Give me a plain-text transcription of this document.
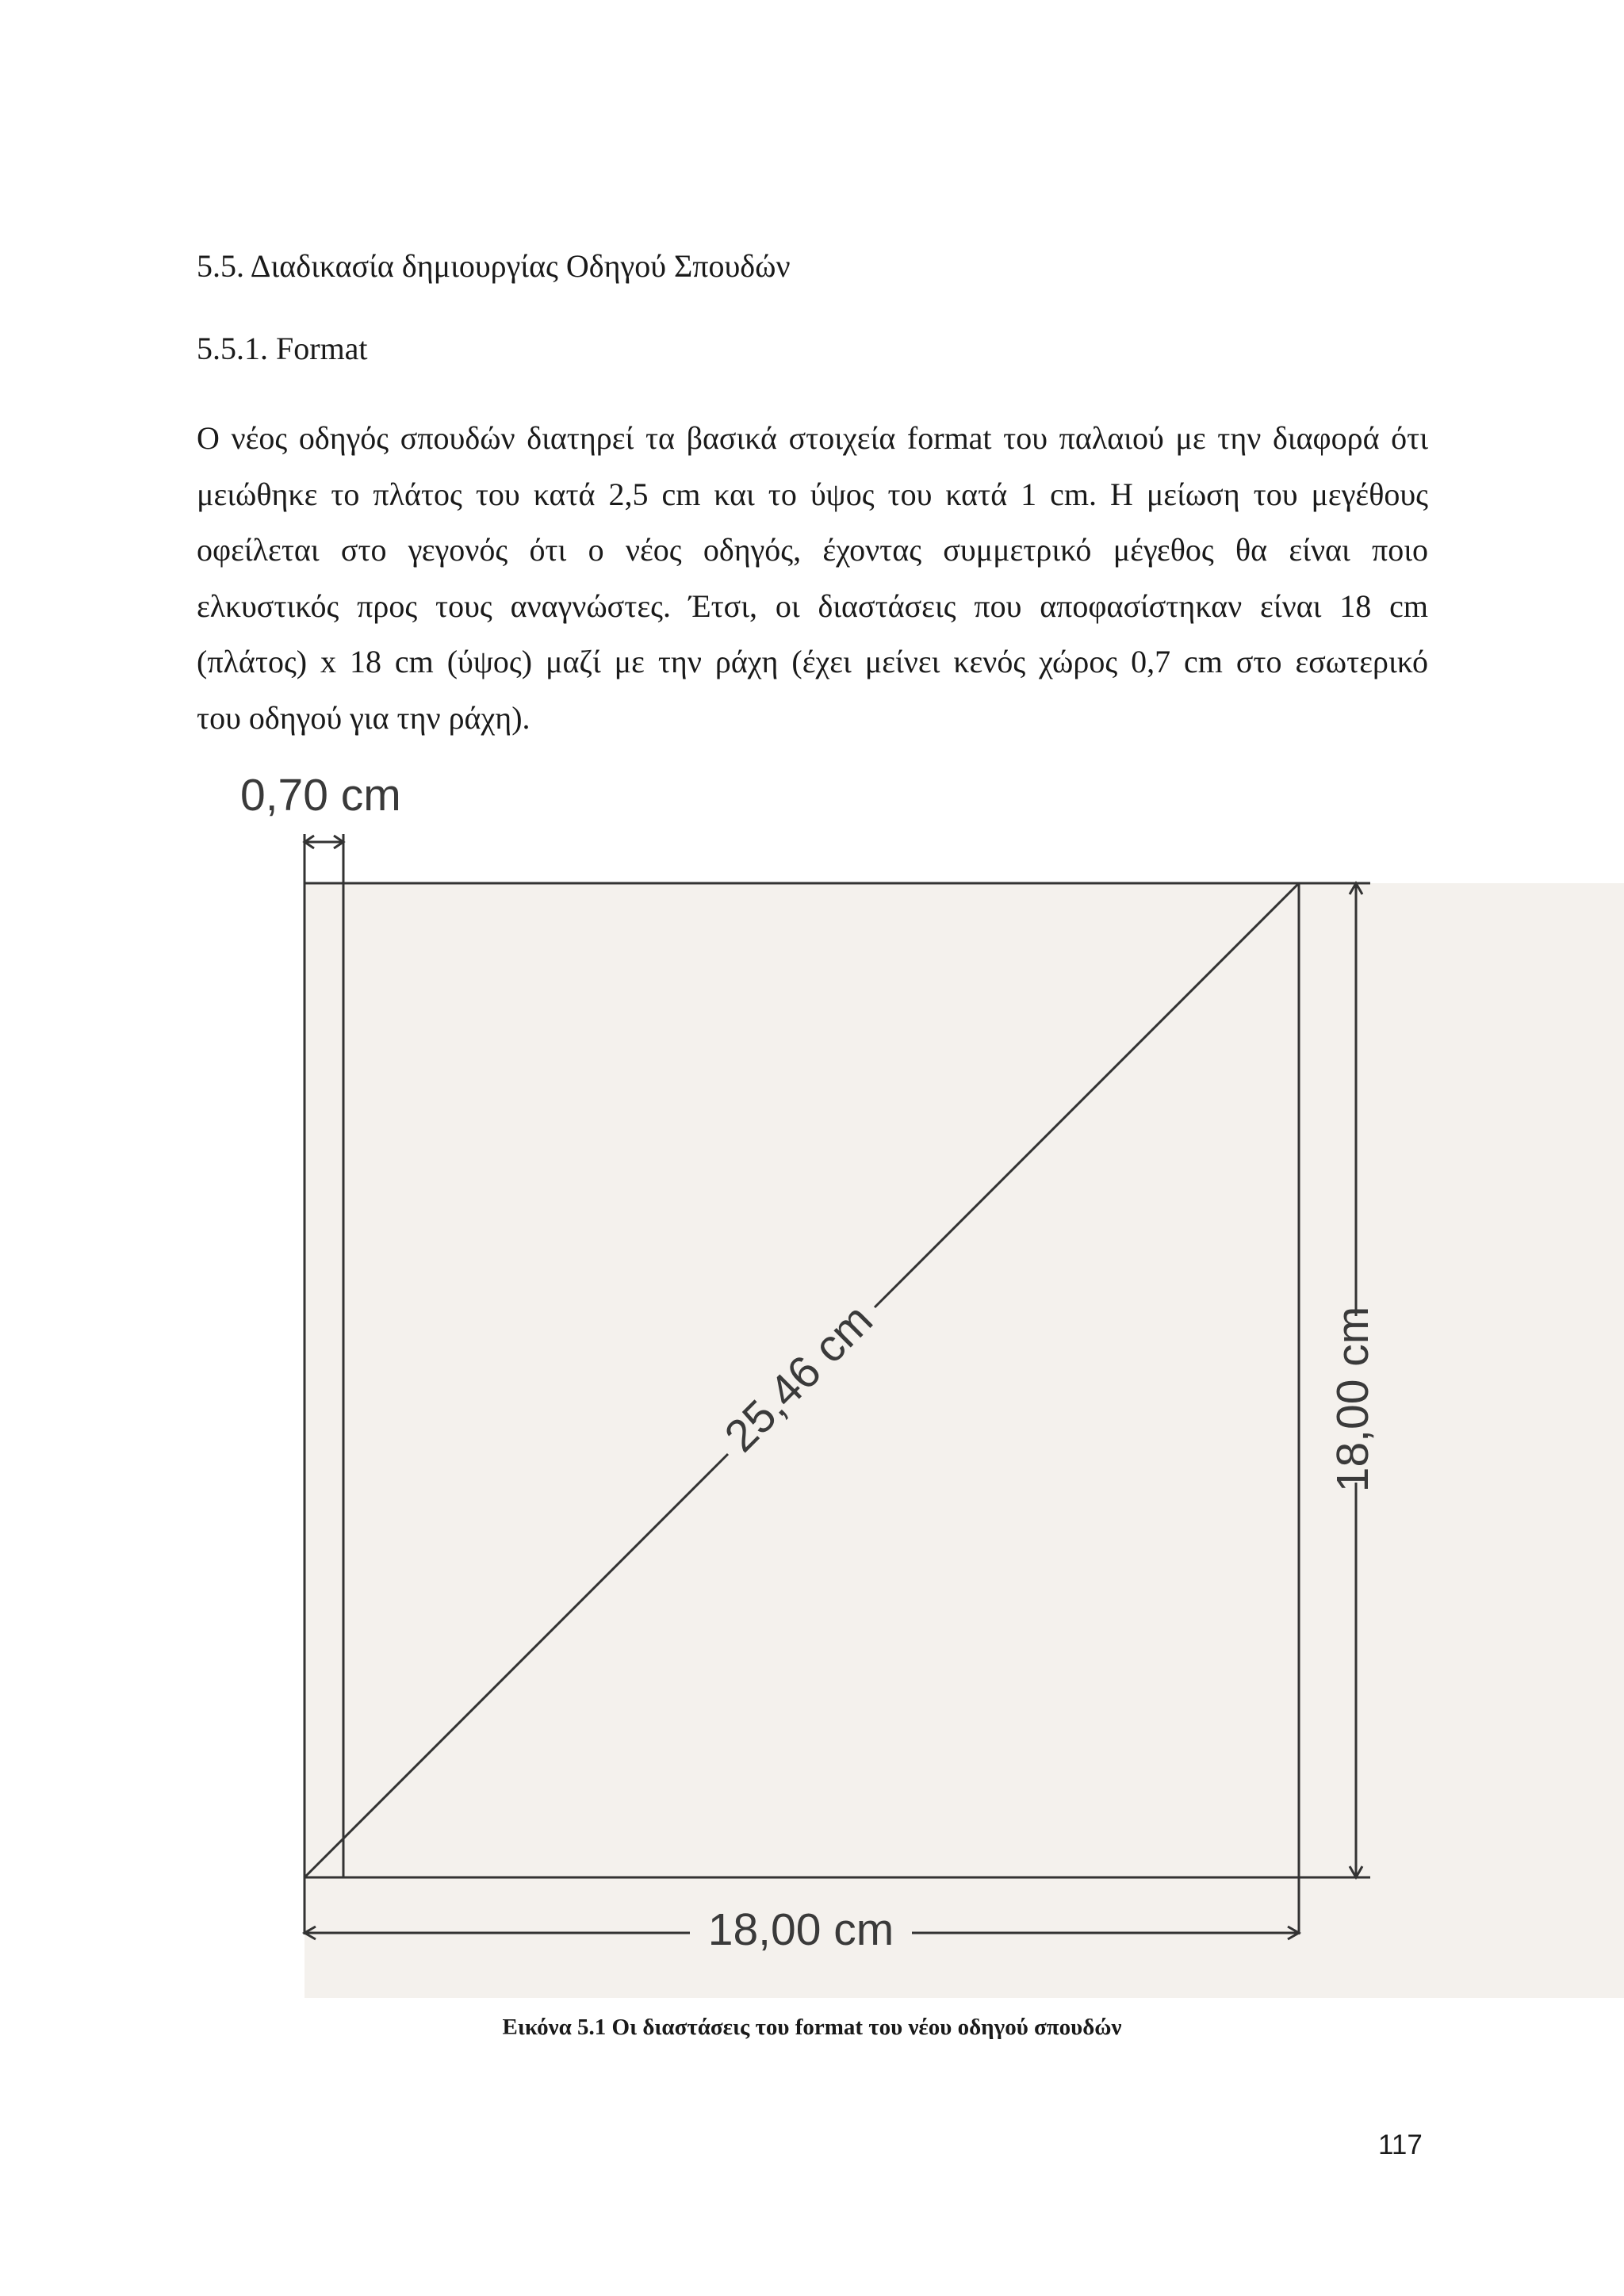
5.5. Διαδικασία δημιουργίας Οδηγού Σπουδών
5.5.1. Format
Ο νέος οδηγός σπουδών διατηρεί τα βασικά στοιχεία format του παλαιού με την διαφορά ότι
μειώθηκε το πλάτος του κατά 2,5 cm και το ύψος του κατά 1 cm. Η μείωση του μεγέθους
οφείλεται στο γεγονός ότι ο νέος οδηγός, έχοντας συμμετρικό μέγεθος θα είναι ποιο
ελκυστικός προς τους αναγνώστες. Έτσι, οι διαστάσεις που αποφασίστηκαν είναι 18 cm
(πλάτος) x 18 cm (ύψος) μαζί με την ράχη (έχει μείνει κενός χώρος 0,7 cm στο εσωτερικό
του οδηγού για την ράχη).
0,70 cm
25,46 cm	18,00 cm
18,00 cm

Εικόνα 5.1 Οι διαστάσεις του format του νέου οδηγού σπουδών

117
